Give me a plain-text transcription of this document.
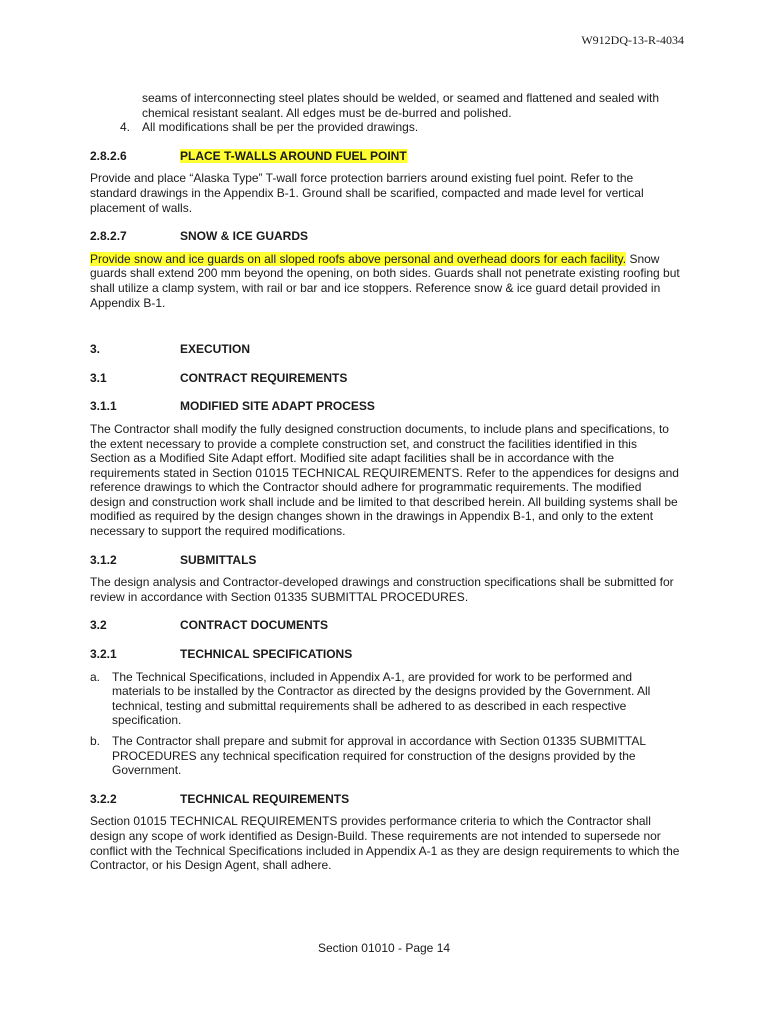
W912DQ-13-R-4034

seams of interconnecting steel plates should be welded, or seamed and flattened and sealed with chemical resistant sealant. All edges must be de-burred and polished.

4. All modifications shall be per the provided drawings.
2.8.2.6	PLACE T-WALLS AROUND FUEL POINT

Provide and place “Alaska Type” T-wall force protection barriers around existing fuel point. Refer to the standard drawings in the Appendix B-1. Ground shall be scarified, compacted and made level for vertical placement of walls.

2.8.2.7	SNOW & ICE GUARDS

Provide snow and ice guards on all sloped roofs above personal and overhead doors for each facility. Snow guards shall extend 200 mm beyond the opening, on both sides. Guards shall not penetrate existing roofing but shall utilize a clamp system, with rail or bar and ice stoppers. Reference snow & ice guard detail provided in Appendix B-1.

3.	EXECUTION
3.1	CONTRACT REQUIREMENTS
3.1.1	MODIFIED SITE ADAPT PROCESS

The Contractor shall modify the fully designed construction documents, to include plans and specifications, to the extent necessary to provide a complete construction set, and construct the facilities identified in this Section as a Modified Site Adapt effort. Modified site adapt facilities shall be in accordance with the requirements stated in Section 01015 TECHNICAL REQUIREMENTS. Refer to the appendices for designs and reference drawings to which the Contractor should adhere for programmatic requirements. The modified design and construction work shall include and be limited to that described herein. All building systems shall be modified as required by the design changes shown in the drawings in Appendix B-1, and only to the extent necessary to support the required modifications.

3.1.2	SUBMITTALS

The design analysis and Contractor-developed drawings and construction specifications shall be submitted for review in accordance with Section 01335 SUBMITTAL PROCEDURES.

3.2	CONTRACT DOCUMENTS
3.2.1	TECHNICAL SPECIFICATIONS
a. The Technical Specifications, included in Appendix A-1, are provided for work to be performed and materials to be installed by the Contractor as directed by the designs provided by the Government. All technical, testing and submittal requirements shall be adhered to as described in each respective specification.
b. The Contractor shall prepare and submit for approval in accordance with Section 01335 SUBMITTAL PROCEDURES any technical specification required for construction of the designs provided by the Government.
3.2.2	TECHNICAL REQUIREMENTS

Section 01015 TECHNICAL REQUIREMENTS provides performance criteria to which the Contractor shall design any scope of work identified as Design-Build. These requirements are not intended to supersede nor conflict with the Technical Specifications included in Appendix A-1 as they are design requirements to which the Contractor, or his Design Agent, shall adhere.

Section 01010 - Page 14
